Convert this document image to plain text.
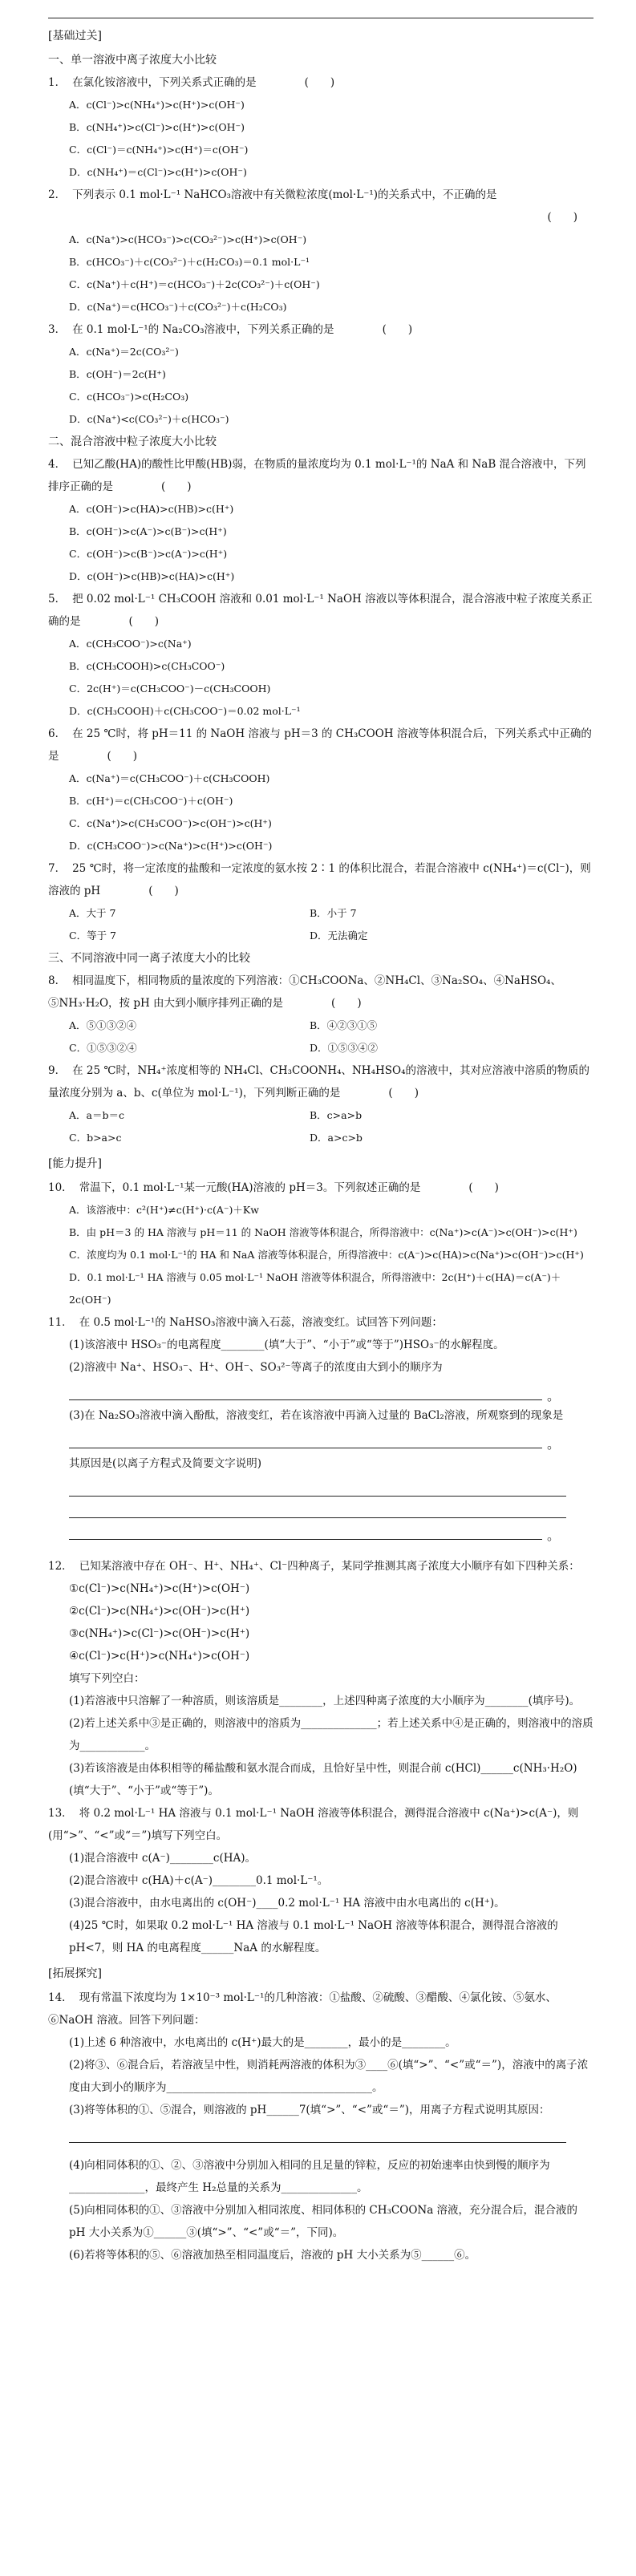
[基础过关]
一、单一溶液中离子浓度大小比较
1． 在氯化铵溶液中，下列关系式正确的是	(　　)
A．c(Cl⁻)>c(NH₄⁺)>c(H⁺)>c(OH⁻)
B．c(NH₄⁺)>c(Cl⁻)>c(H⁺)>c(OH⁻)
C．c(Cl⁻)＝c(NH₄⁺)>c(H⁺)＝c(OH⁻)
D．c(NH₄⁺)＝c(Cl⁻)>c(H⁺)>c(OH⁻)
2． 下列表示 0.1 mol·L⁻¹ NaHCO₃溶液中有关微粒浓度(mol·L⁻¹)的关系式中，不正确的是
(　　)
A．c(Na⁺)>c(HCO₃⁻)>c(CO₃²⁻)>c(H⁺)>c(OH⁻)
B．c(HCO₃⁻)＋c(CO₃²⁻)＋c(H₂CO₃)＝0.1 mol·L⁻¹
C．c(Na⁺)＋c(H⁺)＝c(HCO₃⁻)＋2c(CO₃²⁻)＋c(OH⁻)
D．c(Na⁺)＝c(HCO₃⁻)＋c(CO₃²⁻)＋c(H₂CO₃)
3． 在 0.1 mol·L⁻¹的 Na₂CO₃溶液中，下列关系正确的是	(　　)
A．c(Na⁺)＝2c(CO₃²⁻)
B．c(OH⁻)＝2c(H⁺)
C．c(HCO₃⁻)>c(H₂CO₃)
D．c(Na⁺)<c(CO₃²⁻)＋c(HCO₃⁻)
二、混合溶液中粒子浓度大小比较
4． 已知乙酸(HA)的酸性比甲酸(HB)弱，在物质的量浓度均为 0.1 mol·L⁻¹的 NaA 和 NaB 混合溶液中，下列排序正确的是	(　　)
A．c(OH⁻)>c(HA)>c(HB)>c(H⁺)
B．c(OH⁻)>c(A⁻)>c(B⁻)>c(H⁺)
C．c(OH⁻)>c(B⁻)>c(A⁻)>c(H⁺)
D．c(OH⁻)>c(HB)>c(HA)>c(H⁺)
5． 把 0.02 mol·L⁻¹ CH₃COOH 溶液和 0.01 mol·L⁻¹ NaOH 溶液以等体积混合，混合溶液中粒子浓度关系正确的是	(　　)
A．c(CH₃COO⁻)>c(Na⁺)
B．c(CH₃COOH)>c(CH₃COO⁻)
C．2c(H⁺)＝c(CH₃COO⁻)－c(CH₃COOH)
D．c(CH₃COOH)＋c(CH₃COO⁻)＝0.02 mol·L⁻¹
6． 在 25 ℃时，将 pH＝11 的 NaOH 溶液与 pH＝3 的 CH₃COOH 溶液等体积混合后，下列关系式中正确的是	(　　)
A．c(Na⁺)＝c(CH₃COO⁻)＋c(CH₃COOH)
B．c(H⁺)＝c(CH₃COO⁻)＋c(OH⁻)
C．c(Na⁺)>c(CH₃COO⁻)>c(OH⁻)>c(H⁺)
D．c(CH₃COO⁻)>c(Na⁺)>c(H⁺)>c(OH⁻)
7． 25 ℃时，将一定浓度的盐酸和一定浓度的氨水按 2∶1 的体积比混合，若混合溶液中 c(NH₄⁺)＝c(Cl⁻)，则溶液的 pH	(　　)
A．大于 7	B．小于 7
C．等于 7	D．无法确定
三、不同溶液中同一离子浓度大小的比较
8． 相同温度下，相同物质的量浓度的下列溶液：①CH₃COONa、②NH₄Cl、③Na₂SO₄、④NaHSO₄、⑤NH₃·H₂O，按 pH 由大到小顺序排列正确的是	(　　)
A．⑤①③②④	B．④②③①⑤
C．①⑤③②④	D．①⑤③④②
9． 在 25 ℃时，NH₄⁺浓度相等的 NH₄Cl、CH₃COONH₄、NH₄HSO₄的溶液中，其对应溶液中溶质的物质的量浓度分别为 a、b、c(单位为 mol·L⁻¹)，下列判断正确的是	(　　)
A．a＝b＝c	B．c>a>b
C．b>a>c	D．a>c>b
[能力提升]
10． 常温下，0.1 mol·L⁻¹某一元酸(HA)溶液的 pH＝3。下列叙述正确的是	(　　)
A．该溶液中：c²(H⁺)≠c(H⁺)·c(A⁻)＋Kw
B．由 pH＝3 的 HA 溶液与 pH＝11 的 NaOH 溶液等体积混合，所得溶液中：c(Na⁺)>c(A⁻)>c(OH⁻)>c(H⁺)
C．浓度均为 0.1 mol·L⁻¹的 HA 和 NaA 溶液等体积混合，所得溶液中：c(A⁻)>c(HA)>c(Na⁺)>c(OH⁻)>c(H⁺)
D．0.1 mol·L⁻¹ HA 溶液与 0.05 mol·L⁻¹ NaOH 溶液等体积混合，所得溶液中：2c(H⁺)＋c(HA)＝c(A⁻)＋2c(OH⁻)
11． 在 0.5 mol·L⁻¹的 NaHSO₃溶液中滴入石蕊，溶液变红。试回答下列问题：
(1)该溶液中 HSO₃⁻的电离程度________(填“大于”、“小于”或“等于”)HSO₃⁻的水解程度。
(2)溶液中 Na⁺、HSO₃⁻、H⁺、OH⁻、SO₃²⁻等离子的浓度由大到小的顺序为
。
(3)在 Na₂SO₃溶液中滴入酚酞，溶液变红，若在该溶液中再滴入过量的 BaCl₂溶液，所观察到的现象是
。
其原因是(以离子方程式及简要文字说明)
。
12． 已知某溶液中存在 OH⁻、H⁺、NH₄⁺、Cl⁻四种离子，某同学推测其离子浓度大小顺序有如下四种关系：
①c(Cl⁻)>c(NH₄⁺)>c(H⁺)>c(OH⁻)
②c(Cl⁻)>c(NH₄⁺)>c(OH⁻)>c(H⁺)
③c(NH₄⁺)>c(Cl⁻)>c(OH⁻)>c(H⁺)
④c(Cl⁻)>c(H⁺)>c(NH₄⁺)>c(OH⁻)
填写下列空白：
(1)若溶液中只溶解了一种溶质，则该溶质是________，上述四种离子浓度的大小顺序为________(填序号)。
(2)若上述关系中③是正确的，则溶液中的溶质为______________；若上述关系中④是正确的，则溶液中的溶质为____________。
(3)若该溶液是由体积相等的稀盐酸和氨水混合而成，且恰好呈中性，则混合前 c(HCl)______c(NH₃·H₂O)(填“大于”、“小于”或“等于”)。
13． 将 0.2 mol·L⁻¹ HA 溶液与 0.1 mol·L⁻¹ NaOH 溶液等体积混合，测得混合溶液中 c(Na⁺)>c(A⁻)，则(用“>”、“<”或“＝”)填写下列空白。
(1)混合溶液中 c(A⁻)________c(HA)。
(2)混合溶液中 c(HA)＋c(A⁻)________0.1 mol·L⁻¹。
(3)混合溶液中，由水电离出的 c(OH⁻)____0.2 mol·L⁻¹ HA 溶液中由水电离出的 c(H⁺)。
(4)25 ℃时，如果取 0.2 mol·L⁻¹ HA 溶液与 0.1 mol·L⁻¹ NaOH 溶液等体积混合，测得混合溶液的 pH<7，则 HA 的电离程度______NaA 的水解程度。
[拓展探究]
14． 现有常温下浓度均为 1×10⁻³ mol·L⁻¹的几种溶液：①盐酸、②硫酸、③醋酸、④氯化铵、⑤氨水、⑥NaOH 溶液。回答下列问题：
(1)上述 6 种溶液中，水电离出的 c(H⁺)最大的是________，最小的是________。
(2)将③、⑥混合后，若溶液呈中性，则消耗两溶液的体积为③____⑥(填“>”、“<”或“＝”)，溶液中的离子浓度由大到小的顺序为______________________________________。
(3)将等体积的①、⑤混合，则溶液的 pH______7(填“>”、“<”或“＝”)，用离子方程式说明其原因：
(4)向相同体积的①、②、③溶液中分别加入相同的且足量的锌粒，反应的初始速率由快到慢的顺序为______________，最终产生 H₂总量的关系为______________。
(5)向相同体积的①、③溶液中分别加入相同浓度、相同体积的 CH₃COONa 溶液，充分混合后，混合液的 pH 大小关系为①______③(填“>”、“<”或“＝”，下同)。
(6)若将等体积的⑤、⑥溶液加热至相同温度后，溶液的 pH 大小关系为⑤______⑥。
